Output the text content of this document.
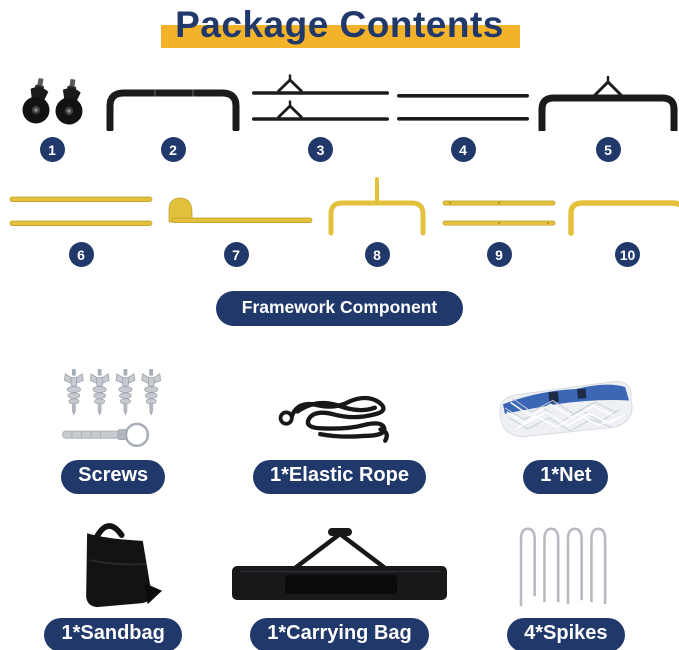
Package Contents
1	2	3	4	5
6	7	8	9	10
Framework Component
Screws	1*Elastic Rope	1*Net
1*Sandbag	1*Carrying Bag	4*Spikes
